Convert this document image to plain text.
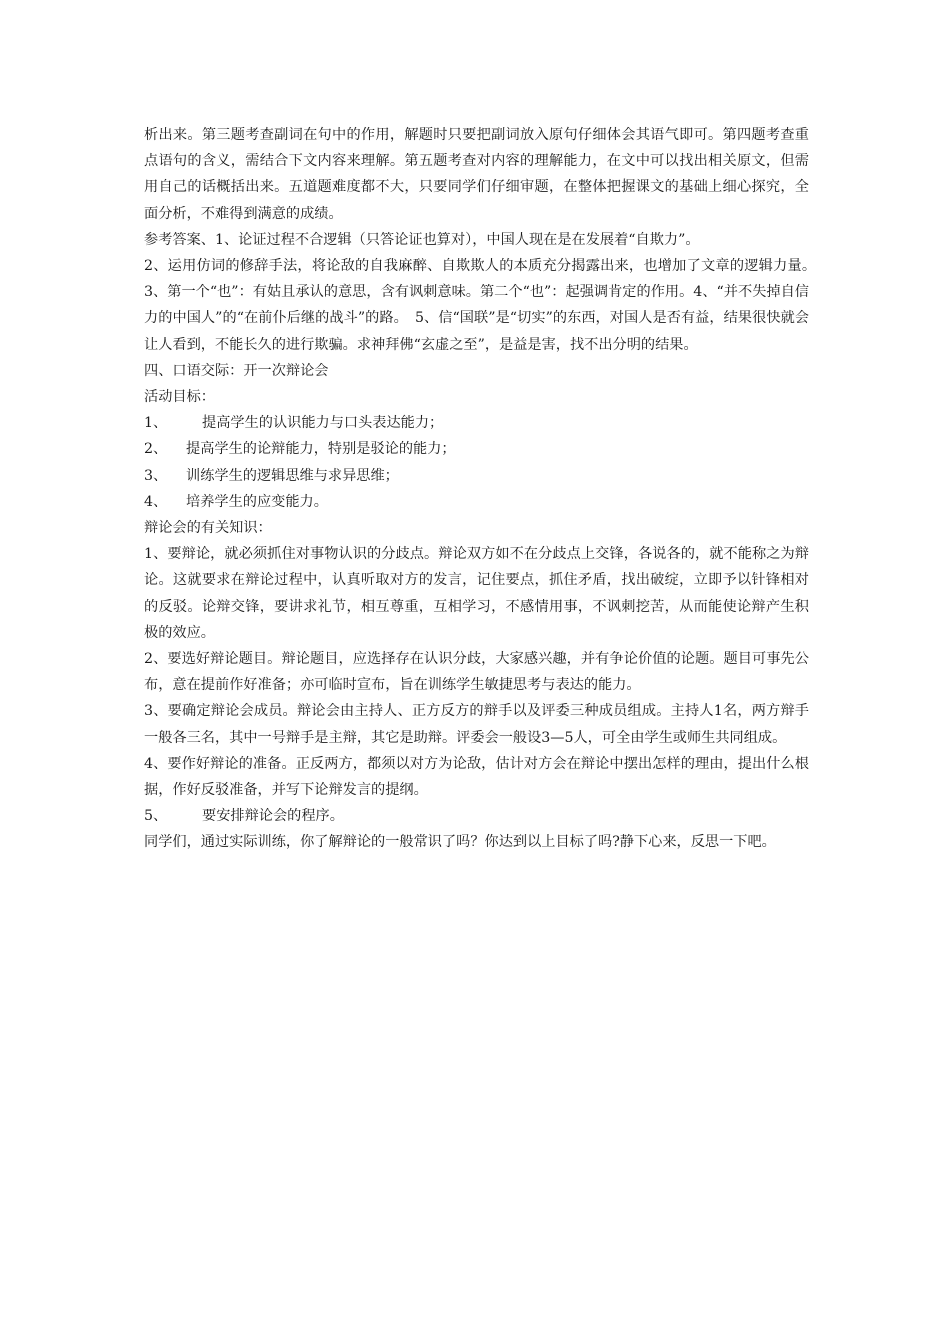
析出来。第三题考查副词在句中的作用，解题时只要把副词放入原句仔细体会其语气即可。第四题考查重点语句的含义，需结合下文内容来理解。第五题考查对内容的理解能力，在文中可以找出相关原文，但需用自己的话概括出来。五道题难度都不大，只要同学们仔细审题，在整体把握课文的基础上细心探究，全面分析，不难得到满意的成绩。

参考答案、1、论证过程不合逻辑（只答论证也算对），中国人现在是在发展着“自欺力”。

2、运用仿词的修辞手法，将论敌的自我麻醉、自欺欺人的本质充分揭露出来，也增加了文章的逻辑力量。　3、第一个“也”：有姑且承认的意思，含有讽刺意味。第二个“也”：起强调肯定的作用。4、“并不失掉自信力的中国人”的“在前仆后继的战斗”的路。　5、信“国联”是“切实”的东西，对国人是否有益，结果很快就会让人看到，不能长久的进行欺骗。求神拜佛“玄虚之至”，是益是害，找不出分明的结果。

四、口语交际：开一次辩论会

活动目标：

1、 提高学生的认识能力与口头表达能力；

2、 提高学生的论辩能力，特别是驳论的能力；

3、 训练学生的逻辑思维与求异思维；

4、 培养学生的应变能力。

辩论会的有关知识：

1、要辩论，就必须抓住对事物认识的分歧点。辩论双方如不在分歧点上交锋，各说各的，就不能称之为辩论。这就要求在辩论过程中，认真听取对方的发言，记住要点，抓住矛盾，找出破绽，立即予以针锋相对的反驳。论辩交锋，要讲求礼节，相互尊重，互相学习，不感情用事，不讽刺挖苦，从而能使论辩产生积极的效应。

2、要选好辩论题目。辩论题目，应选择存在认识分歧，大家感兴趣，并有争论价值的论题。题目可事先公布，意在提前作好准备；亦可临时宣布，旨在训练学生敏捷思考与表达的能力。

3、要确定辩论会成员。辩论会由主持人、正方反方的辩手以及评委三种成员组成。主持人1名，两方辩手一般各三名，其中一号辩手是主辩，其它是助辩。评委会一般设3—5人，可全由学生或师生共同组成。

4、要作好辩论的准备。正反两方，都须以对方为论敌，估计对方会在辩论中摆出怎样的理由，提出什么根据，作好反驳准备，并写下论辩发言的提纲。

5、 要安排辩论会的程序。

同学们，通过实际训练，你了解辩论的一般常识了吗？你达到以上目标了吗?静下心来，反思一下吧。
